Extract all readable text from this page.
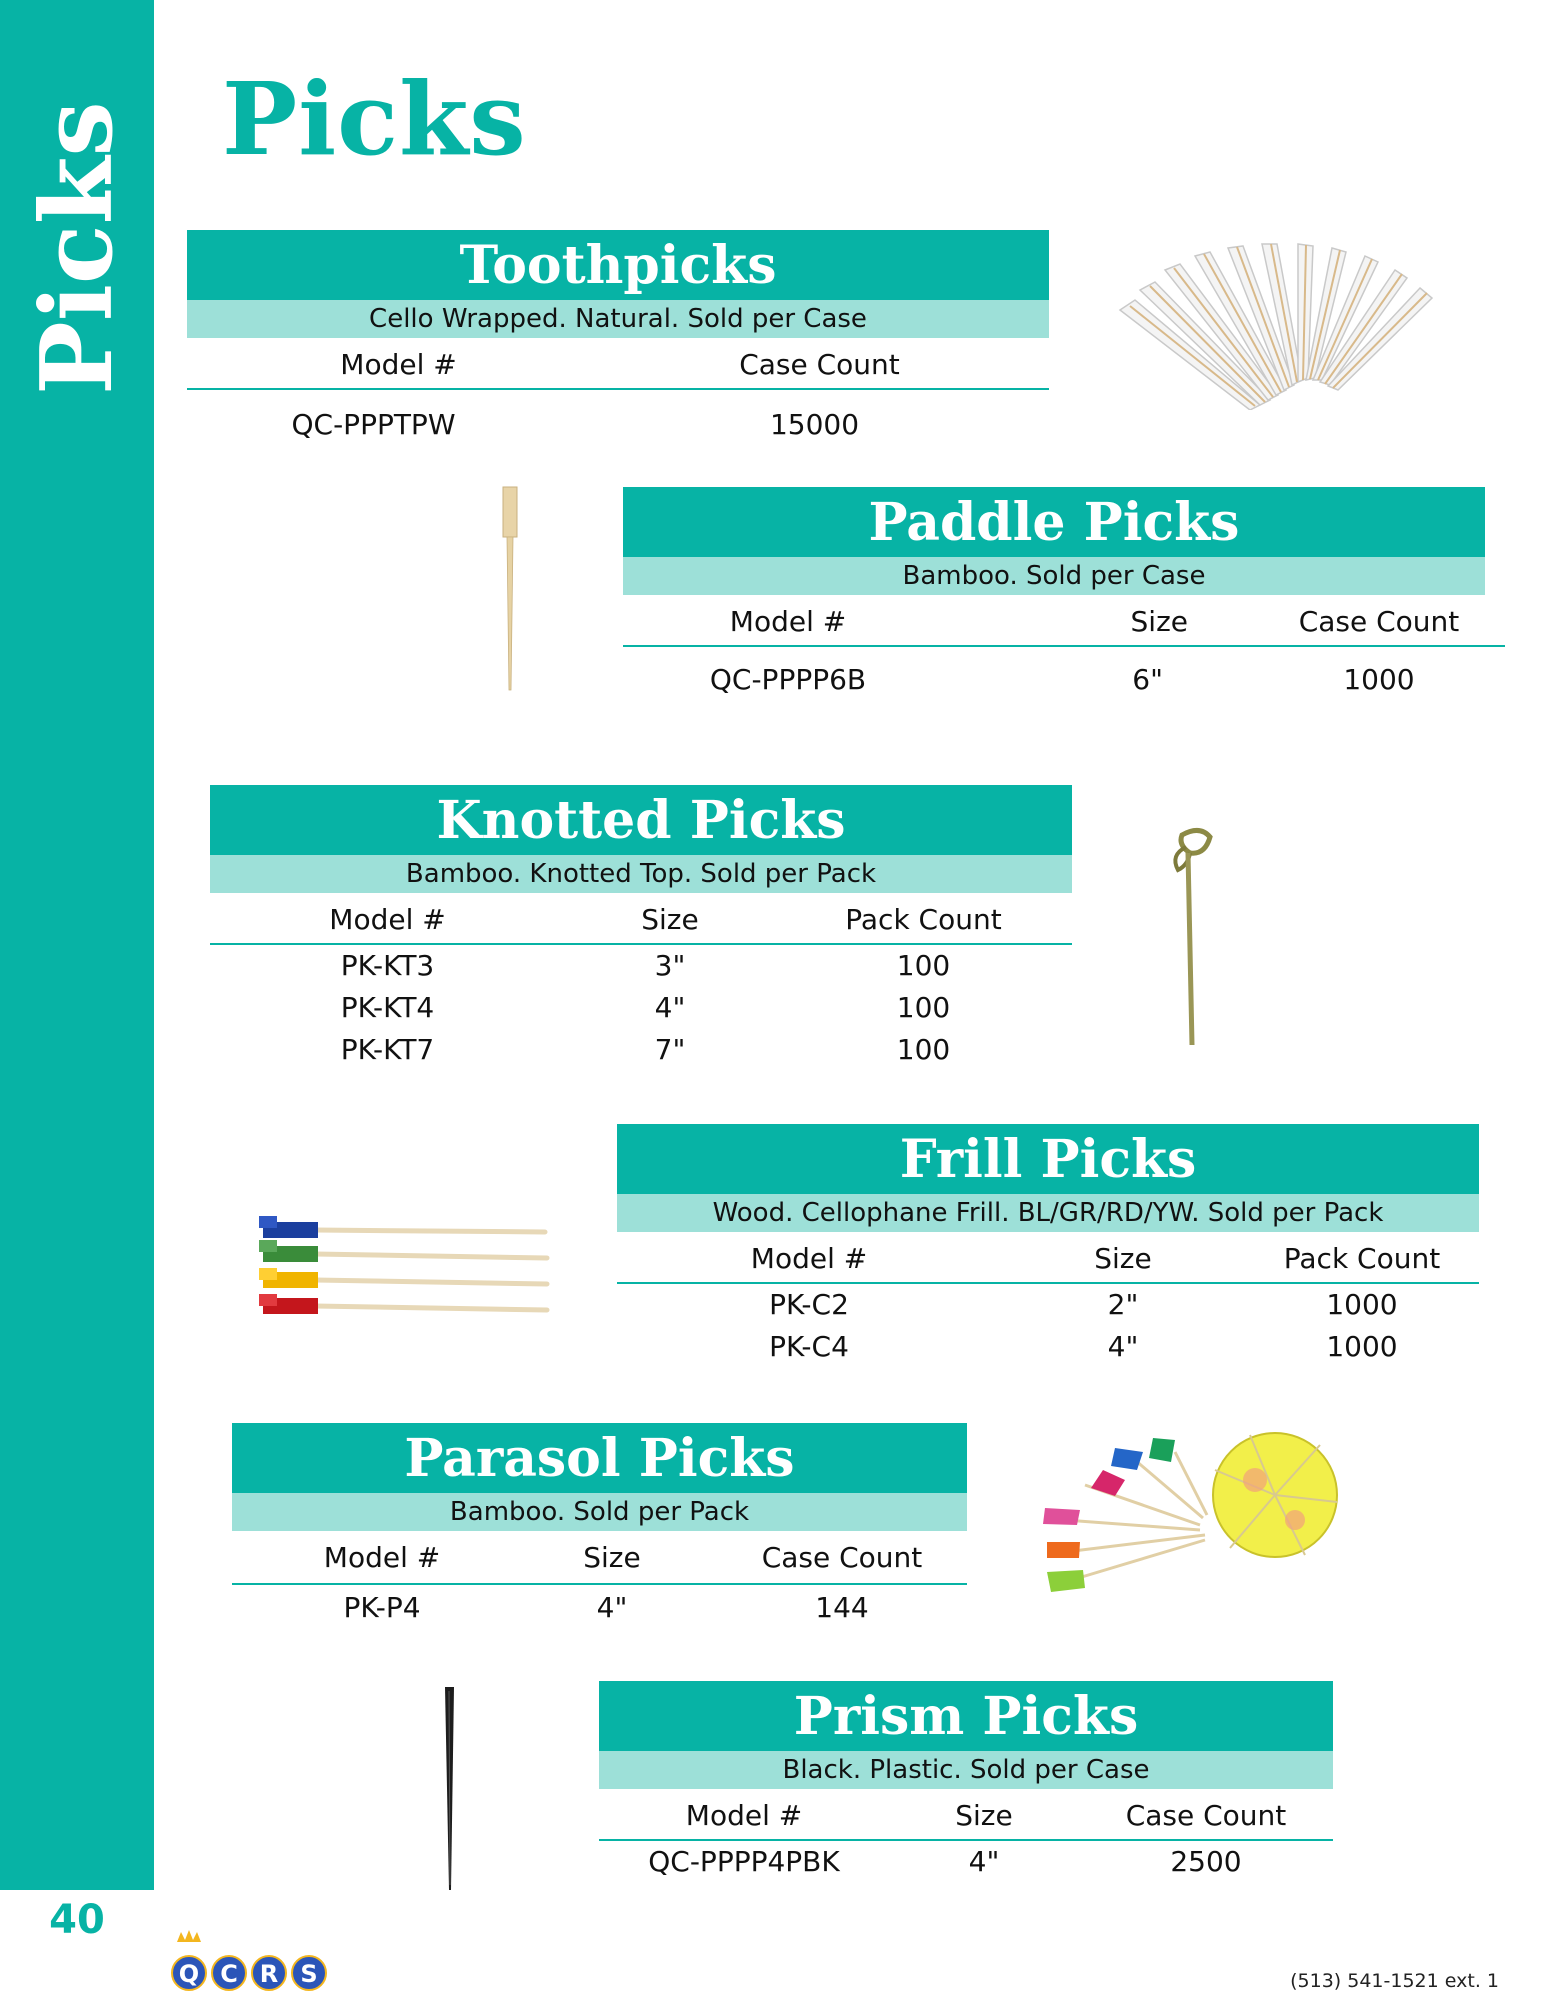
Picks
40
Picks
Toothpicks
Cello Wrapped. Natural. Sold per Case
Model #	Case Count
QC-PPPTPW	15000
Paddle Picks
Bamboo. Sold per Case
Model #	Size	Case Count
QC-PPPP6B	6"	1000
Knotted Picks
Bamboo. Knotted Top. Sold per Pack
Model #	Size	Pack Count
PK-KT3	3"	100
PK-KT4	4"	100
PK-KT7	7"	100
Frill Picks
Wood. Cellophane Frill. BL/GR/RD/YW. Sold per Pack
Model #	Size	Pack Count
PK-C2	2"	1000
PK-C4	4"	1000
Parasol Picks
Bamboo. Sold per Pack
Model #	Size	Case Count
PK-P4	4"	144
Prism Picks
Black. Plastic. Sold per Case
Model #	Size	Case Count
QC-PPPP4PBK	4"	2500
Q C R S	(513) 541-1521 ext. 1
